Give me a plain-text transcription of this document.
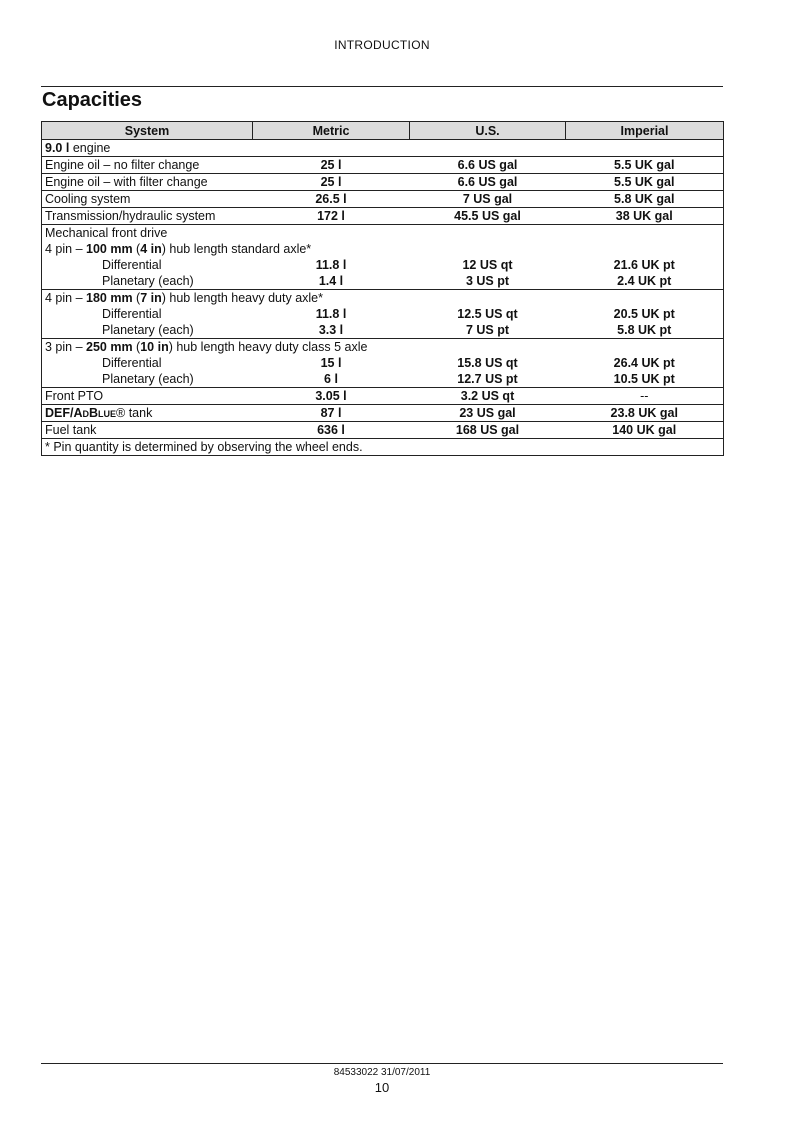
INTRODUCTION
Capacities
System	Metric	U.S.	Imperial
9.0 l engine			
Engine oil – no filter change	25 l	6.6 US gal	5.5 UK gal
Engine oil – with filter change	25 l	6.6 US gal	5.5 UK gal
Cooling system	26.5 l	7 US gal	5.8 UK gal
Transmission/hydraulic system	172 l	45.5 US gal	38 UK gal
Mechanical front drive			
4 pin – 100 mm (4 in) hub length standard axle*			
Differential	11.8 l	12 US qt	21.6 UK pt
Planetary (each)	1.4 l	3 US pt	2.4 UK pt
4 pin – 180 mm (7 in) hub length heavy duty axle*			
Differential	11.8 l	12.5 US qt	20.5 UK pt
Planetary (each)	3.3 l	7 US pt	5.8 UK pt
3 pin – 250 mm (10 in) hub length heavy duty class 5 axle			
Differential	15 l	15.8 US qt	26.4 UK pt
Planetary (each)	6 l	12.7 US pt	10.5 UK pt
Front PTO	3.05 l	3.2 US qt	--
DEF/AdBlue® tank	87 l	23 US gal	23.8 UK gal
Fuel tank	636 l	168 US gal	140 UK gal
* Pin quantity is determined by observing the wheel ends.			
84533022 31/07/2011
10
